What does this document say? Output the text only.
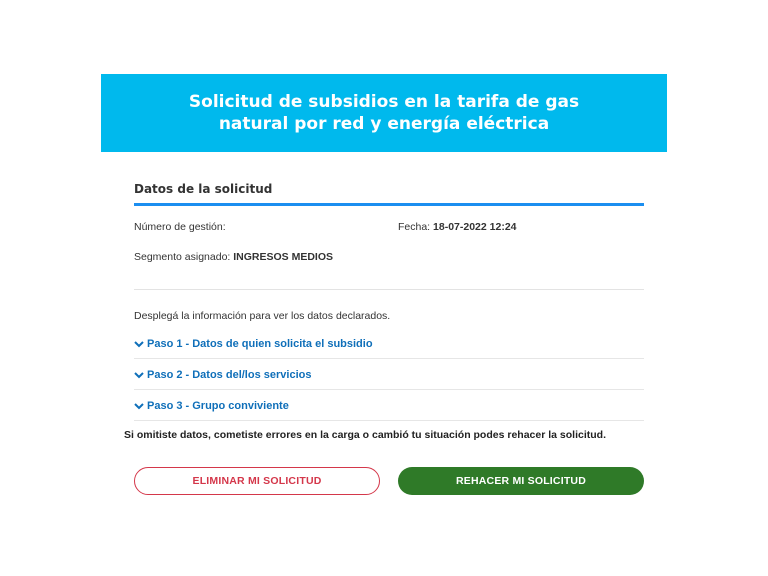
Solicitud de subsidios en la tarifa de gas natural por red y energía eléctrica
Datos de la solicitud
Número de gestión:	Fecha: 18-07-2022 12:24
Segmento asignado: INGRESOS MEDIOS
Desplegá la información para ver los datos declarados.
Paso 1 - Datos de quien solicita el subsidio
Paso 2 - Datos del/los servicios
Paso 3 - Grupo conviviente
Si omitiste datos, cometiste errores en la carga o cambió tu situación podes rehacer la solicitud.
ELIMINAR MI SOLICITUD	REHACER MI SOLICITUD
